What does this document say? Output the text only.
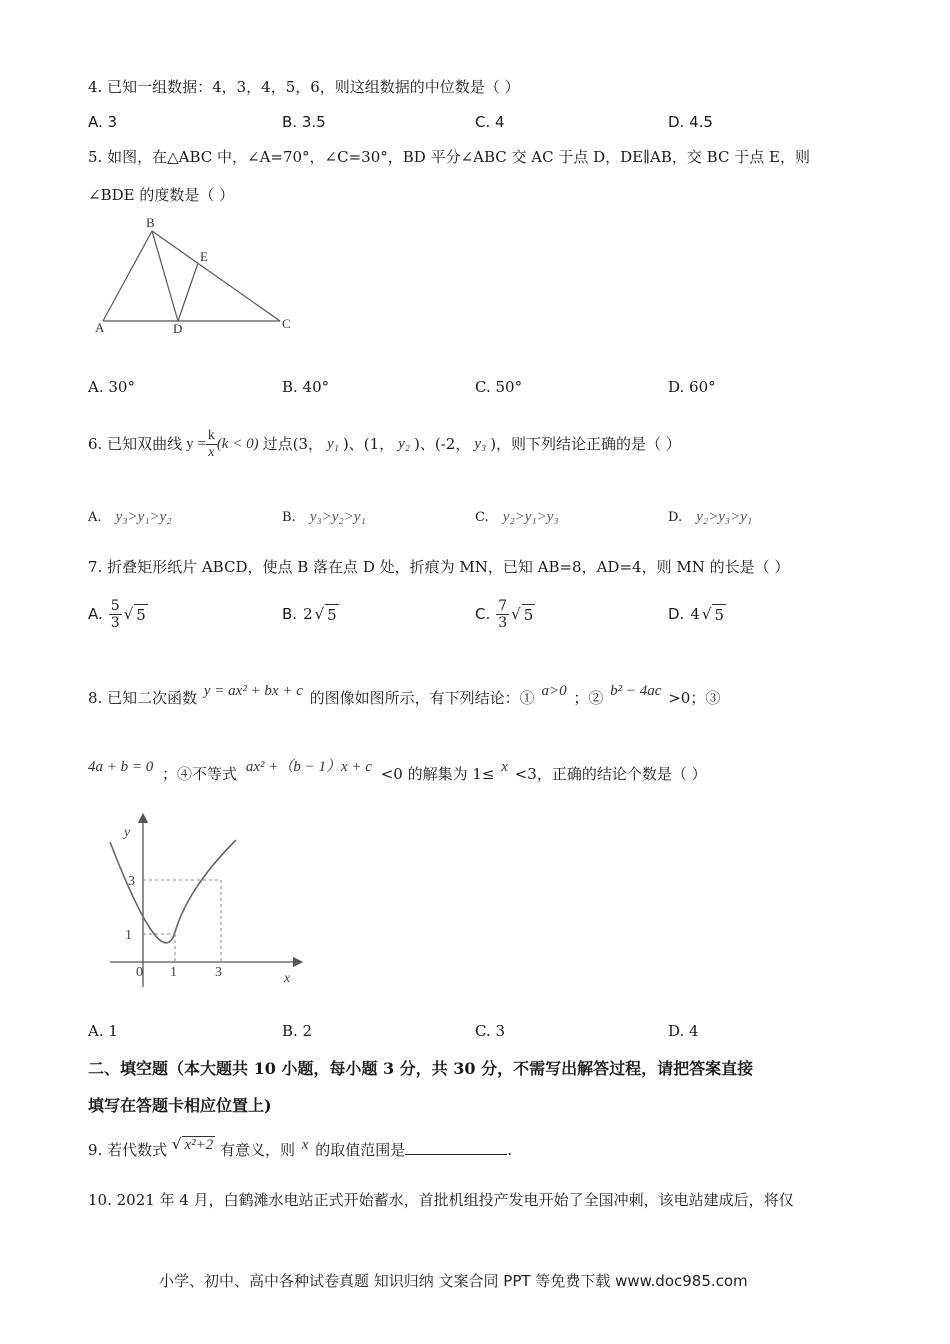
4. 已知一组数据：4，3，4，5，6，则这组数据的中位数是（ ）
A. 3	B. 3.5	C. 4	D. 4.5
5. 如图，在△ABC 中，∠A=70°，∠C=30°，BD 平分∠ABC 交 AC 于点 D，DE∥AB，交 BC 于点 E，则
∠BDE 的度数是（ ）
A
B
C
D
E
A. 30°	B. 40°	C. 50°	D. 60°
6. 已知双曲线 $y = \frac{k}{x} (k < 0)$ 过点(3， y₁ )、(1， y₂ )、(-2， y₃ )，则下列结论正确的是（ ）
A. y₃>y₁>y₂	B. y₃>y₂>y₁	C. y₂>y₁>y₃	D. y₂>y₃>y₁
7. 折叠矩形纸片 ABCD，使点 B 落在点 D 处，折痕为 MN，已知 AB=8，AD=4，则 MN 的长是（ ）
A. $\frac{5}{3}$ √ 5	B. 2 √ 5	C. $\frac{7}{3}$ √ 5	D. 4 √ 5
8. 已知二次函数 y = ax² + bx + c 的图像如图所示，有下列结论：① a>0 ；② b² − 4ac >0；③
4a + b = 0 ；④不等式 ax² +（b − 1）x + c <0 的解集为 1≤ x <3，正确的结论个数是（ ）
y
x
0 1	3
1
3
A. 1	B. 2	C. 3	D. 4
二、填空题（本大题共 10 小题，每小题 3 分，共 30 分，不需写出解答过程，请把答案直接
填写在答题卡相应位置上)
9. 若代数式 √ x²+2 有意义，则 x 的取值范围是	.
10. 2021 年 4 月，白鹤滩水电站正式开始蓄水，首批机组投产发电开始了全国冲刺，该电站建成后，将仅
小学、初中、高中各种试卷真题 知识归纳 文案合同 PPT 等免费下载 www.doc985.com
